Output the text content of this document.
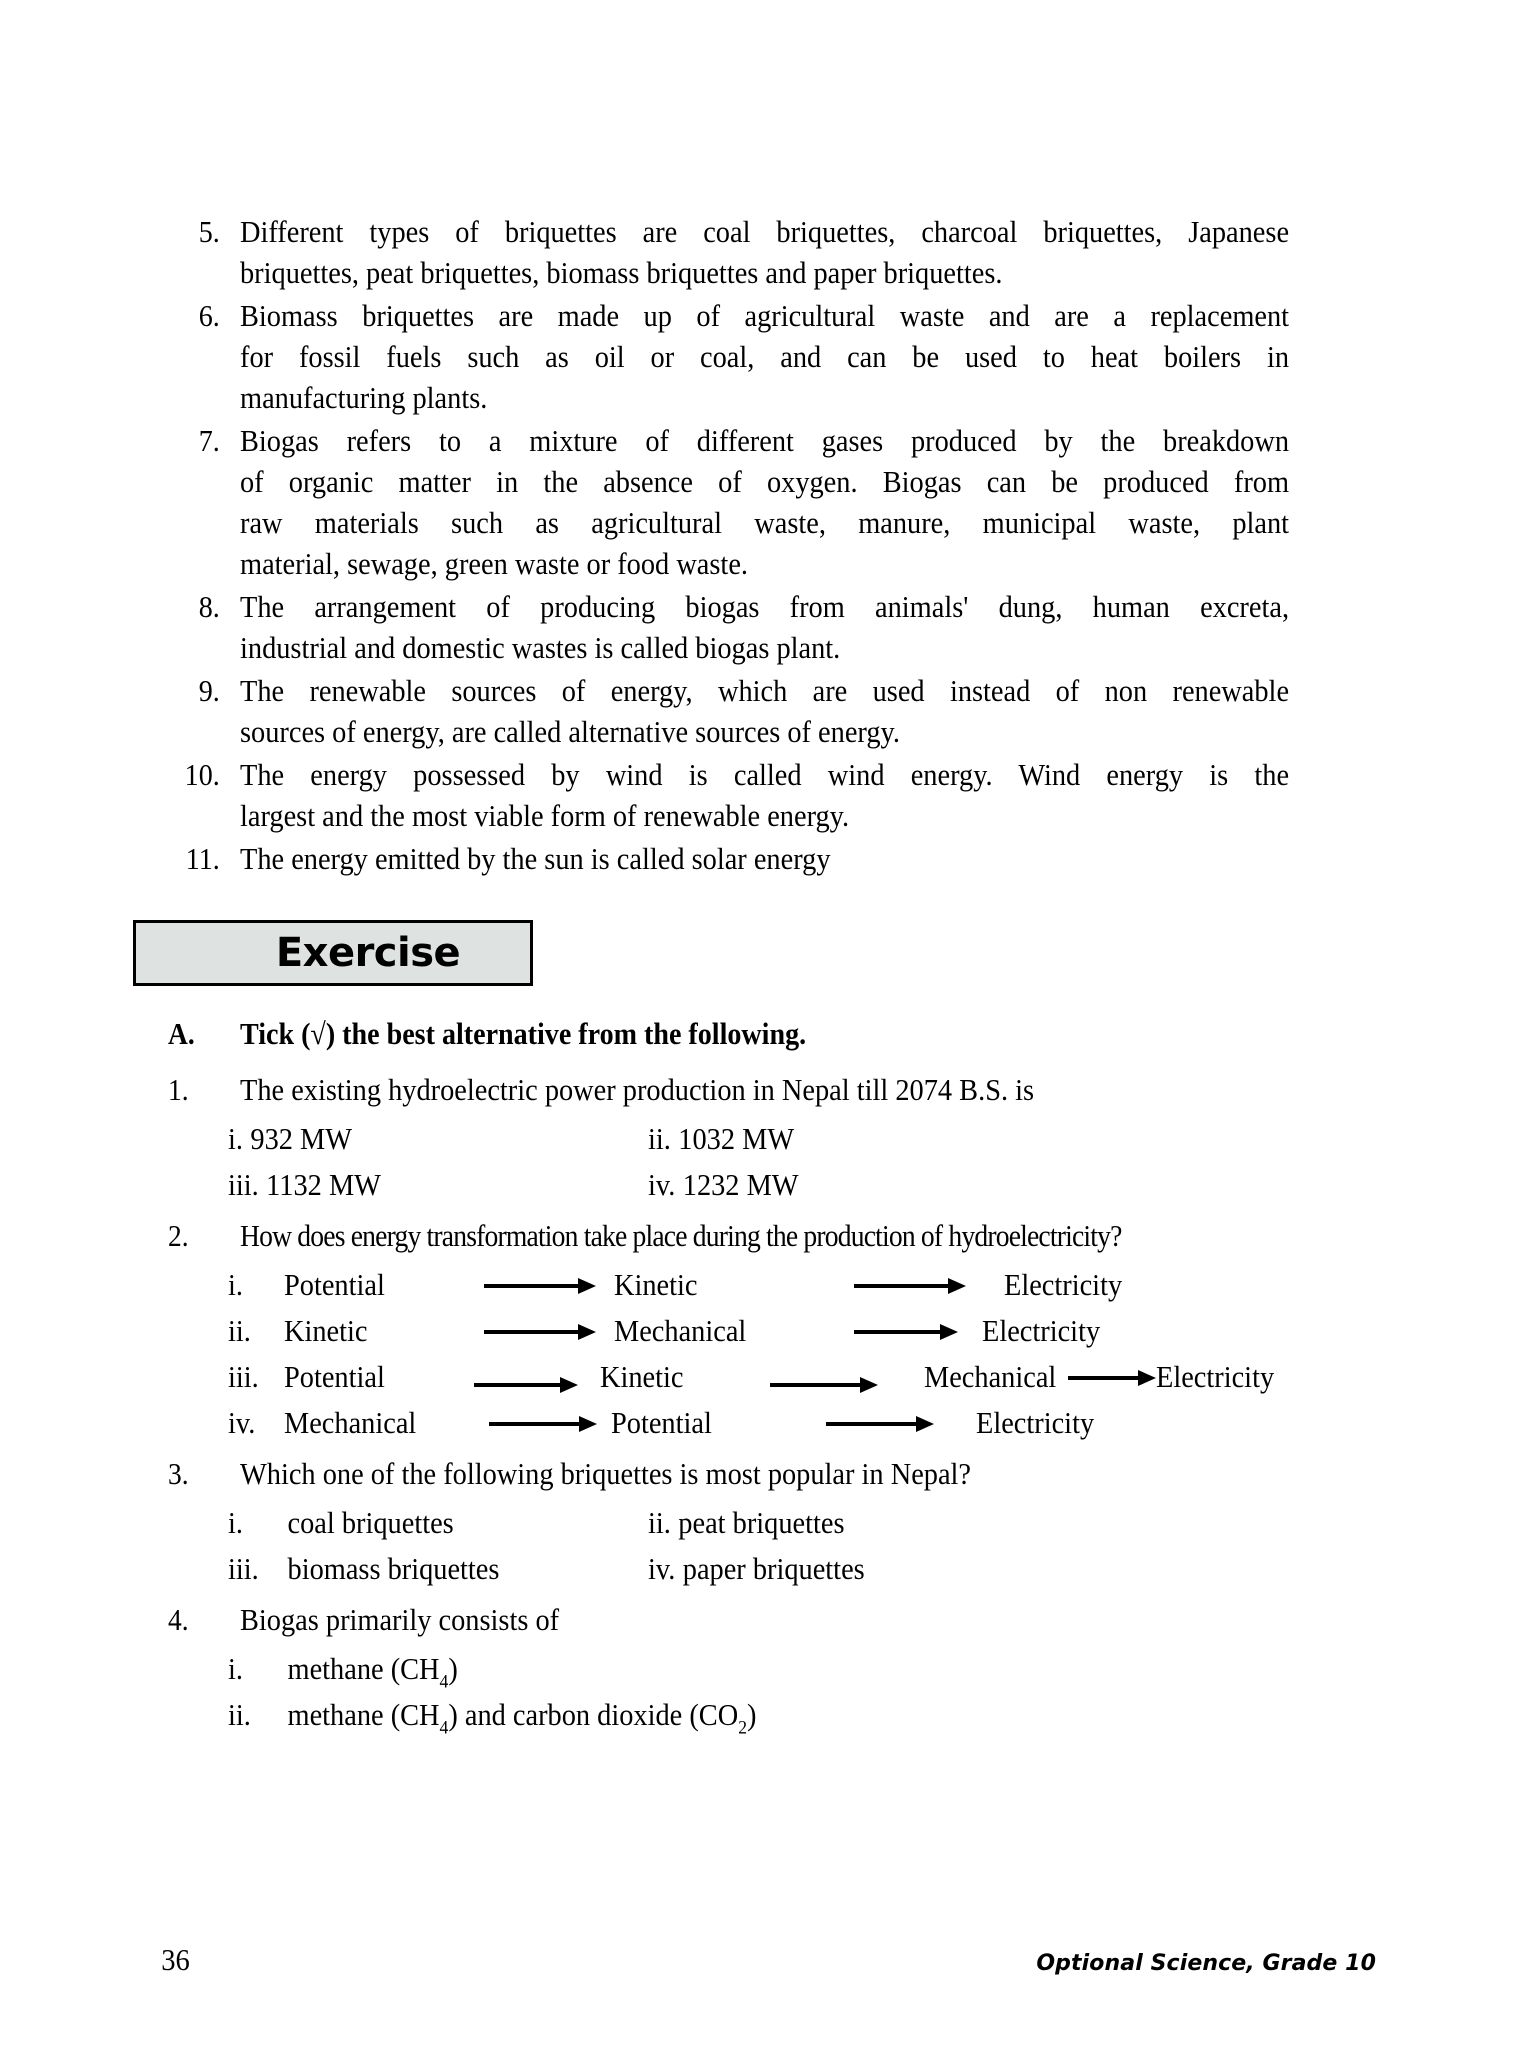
5. Different types of briquettes are coal briquettes, charcoal briquettes, Japanese
briquettes, peat briquettes, biomass briquettes and paper briquettes.
6. Biomass briquettes are made up of agricultural waste and are a replacement
for fossil fuels such as oil or coal, and can be used to heat boilers in
manufacturing plants.
7. Biogas refers to a mixture of different gases produced by the breakdown
of organic matter in the absence of oxygen. Biogas can be produced from
raw materials such as agricultural waste, manure, municipal waste, plant
material, sewage, green waste or food waste.
8. The arrangement of producing biogas from animals' dung, human excreta,
industrial and domestic wastes is called biogas plant.
9. The renewable sources of energy, which are used instead of non renewable
sources of energy, are called alternative sources of energy.
10. The energy possessed by wind is called wind energy. Wind energy is the
largest and the most viable form of renewable energy.
11. The energy emitted by the sun is called solar energy
Exercise
A.	Tick (√) the best alternative from the following.
1.	The existing hydroelectric power production in Nepal till 2074 B.S. is
i. 932 MW	ii. 1032 MW
iii. 1132 MW	iv. 1232 MW
2.	How does energy transformation take place during the production of hydroelectricity?
i.	Potential	Kinetic	Electricity
ii.	Kinetic	Mechanical	Electricity
iii. Potential	Kinetic	Mechanical	Electricity
iv. Mechanical	Potential	Electricity
3.	Which one of the following briquettes is most popular in Nepal?
i.	coal briquettes	ii. peat briquettes
iii. biomass briquettes	iv. paper briquettes
4.	Biogas primarily consists of
i.	methane $(CH_4)$
ii.	methane $(CH_4)$ and carbon dioxide $(CO_2)$
36	Optional Science, Grade 10
